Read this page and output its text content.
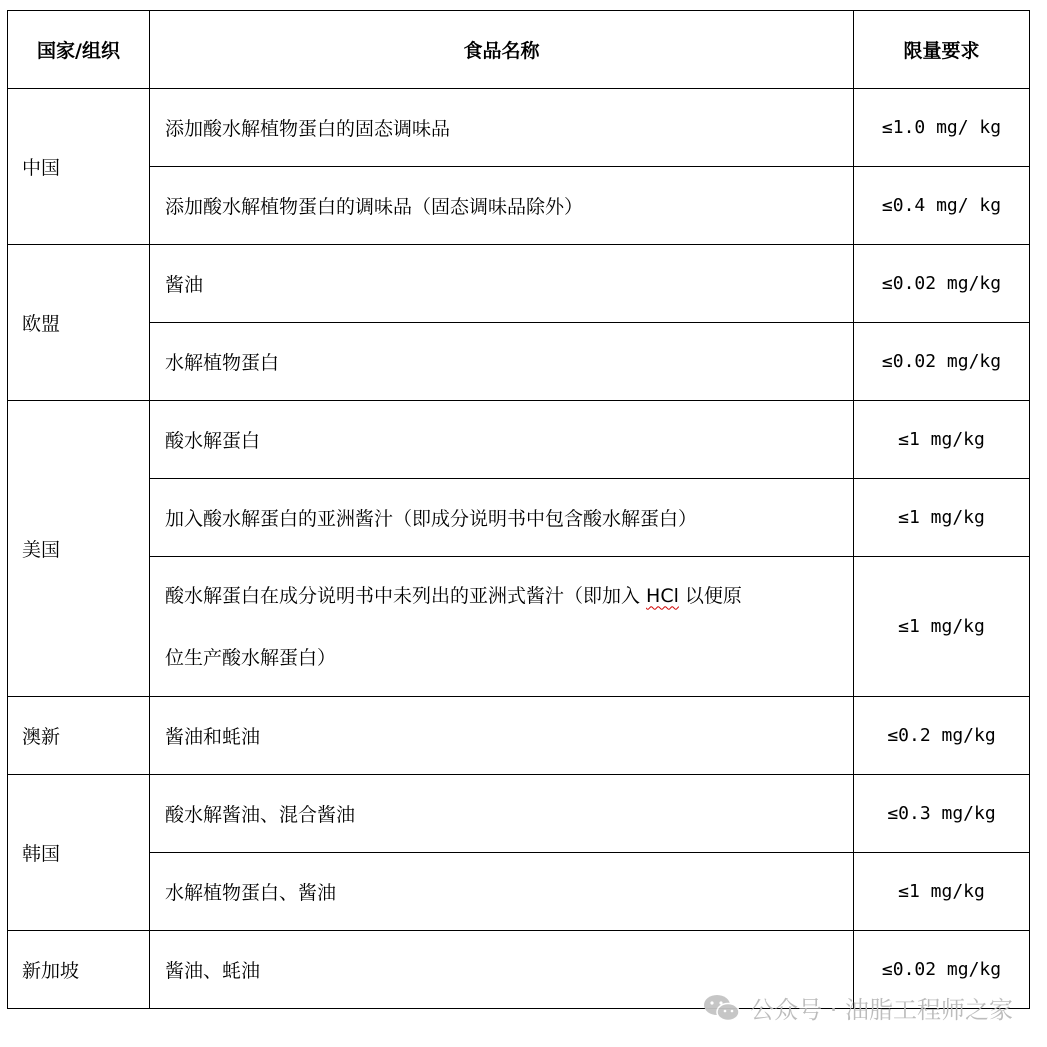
国家/组织	食品名称	限量要求
中国	添加酸水解植物蛋白的固态调味品	≤1.0 mg/ kg
	添加酸水解植物蛋白的调味品（固态调味品除外）	≤0.4 mg/ kg
欧盟	酱油	≤0.02 mg/kg
	水解植物蛋白	≤0.02 mg/kg
美国	酸水解蛋白	≤1 mg/kg
	加入酸水解蛋白的亚洲酱汁（即成分说明书中包含酸水解蛋白）	≤1 mg/kg
	酸水解蛋白在成分说明书中未列出的亚洲式酱汁（即加入 HCl 以便原
位生产酸水解蛋白）	≤1 mg/kg
澳新	酱油和蚝油	≤0.2 mg/kg
韩国	酸水解酱油、混合酱油	≤0.3 mg/kg
	水解植物蛋白、酱油	≤1 mg/kg
新加坡	酱油、蚝油	≤0.02 mg/kg
公众号 · 油脂工程师之家
